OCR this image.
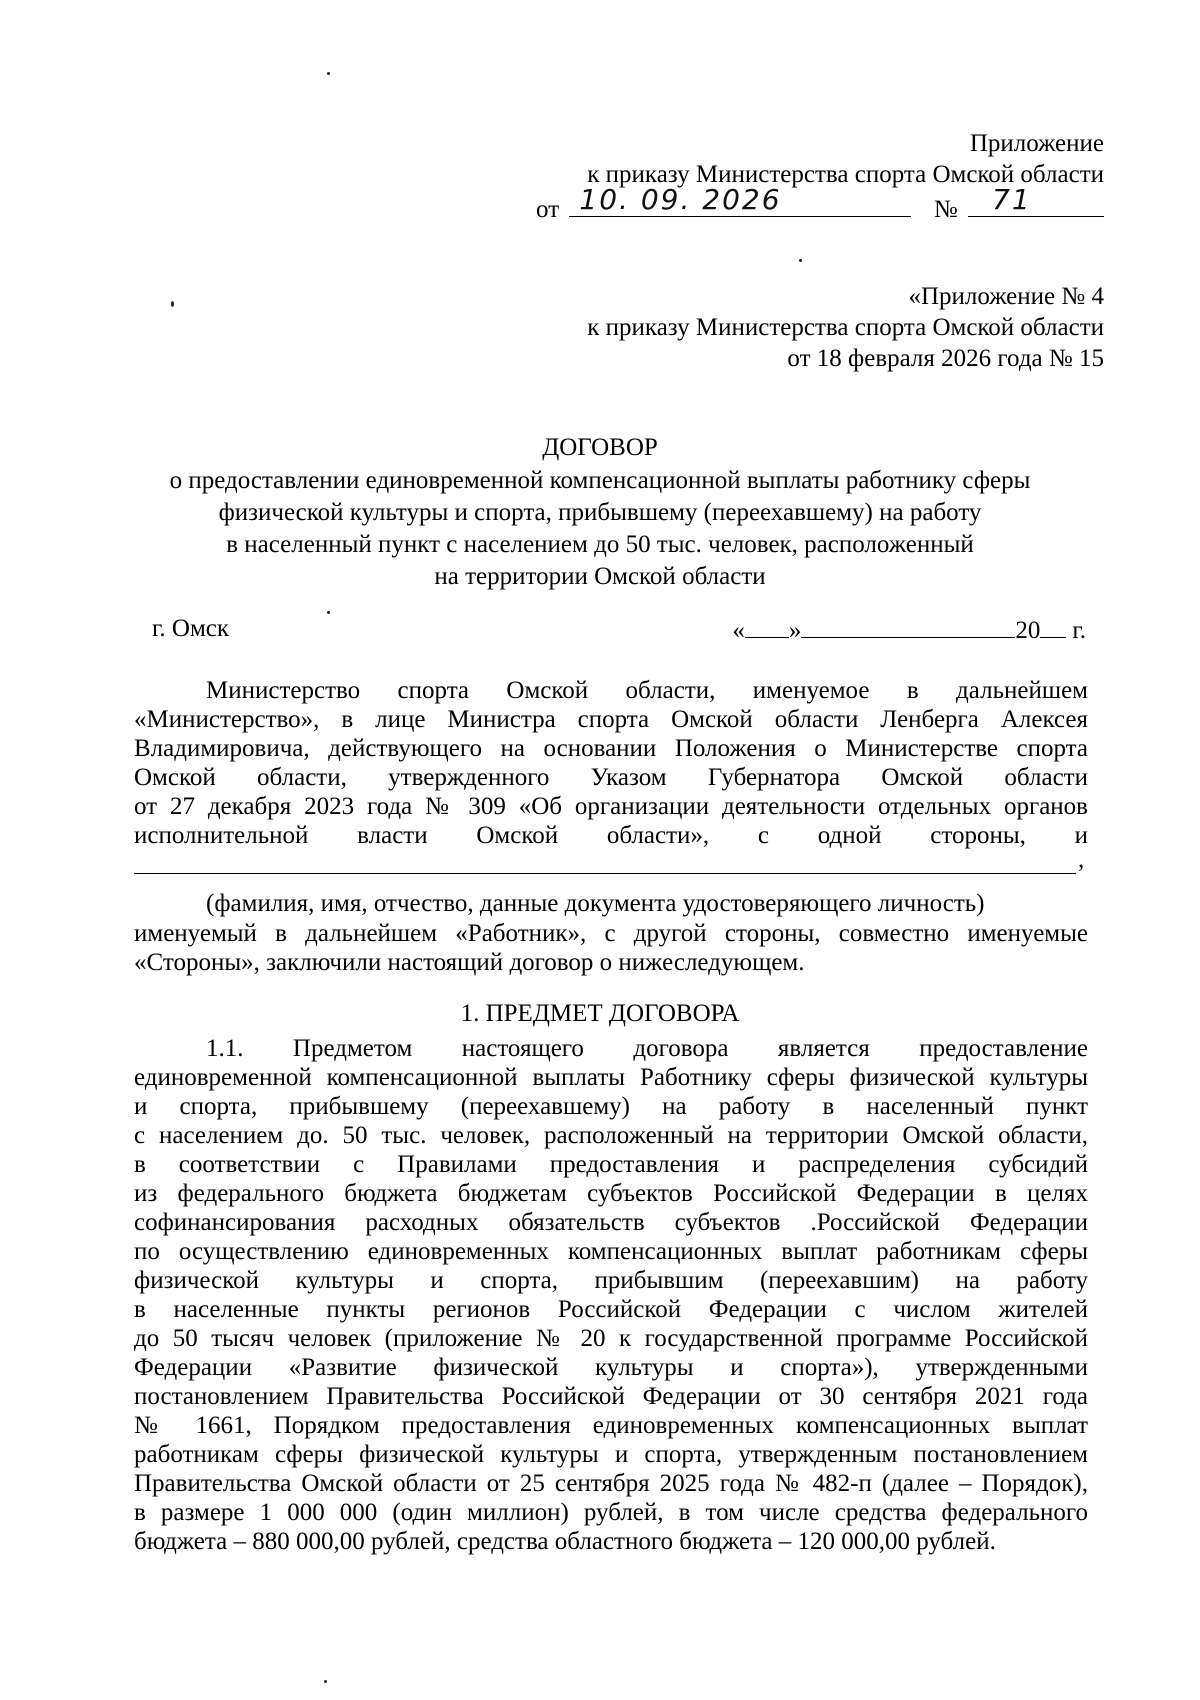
Приложение
к приказу Министерства спорта Омской области
от 10. 09. 2026	№ 71
«Приложение № 4
к приказу Министерства спорта Омской области
от 18 февраля 2026 года № 15
ДОГОВОР
о предоставлении единовременной компенсационной выплаты работнику сферы
физической культуры и спорта, прибывшему (переехавшему) на работу
в населенный пункт с населением до 50 тыс. человек, расположенный
на территории Омской области
г. Омск	« »	20 г.
Министерство спорта Омской области, именуемое в дальнейшем
«Министерство», в лице Министра спорта Омской области Ленберга Алексея
Владимировича, действующего на основании Положения о Министерстве спорта
Омской области, утвержденного Указом Губернатора Омской области
от 27 декабря 2023 года № 309 «Об организации деятельности отдельных органов
исполнительной власти Омской области», с одной стороны, и
,
(фамилия, имя, отчество, данные документа удостоверяющего личность)
именуемый в дальнейшем «Работник», с другой стороны, совместно именуемые
«Стороны», заключили настоящий договор о нижеследующем.
1. ПРЕДМЕТ ДОГОВОРА
1.1. Предметом настоящего договора является предоставление
единовременной компенсационной выплаты Работнику сферы физической культуры
и спорта, прибывшему (переехавшему) на работу в населенный пункт
с населением до. 50 тыс. человек, расположенный на территории Омской области,
в соответствии с Правилами предоставления и распределения субсидий
из федерального бюджета бюджетам субъектов Российской Федерации в целях
софинансирования расходных обязательств субъектов .Российской Федерации
по осуществлению единовременных компенсационных выплат работникам сферы
физической культуры и спорта, прибывшим (переехавшим) на работу
в населенные пункты регионов Российской Федерации с числом жителей
до 50 тысяч человек (приложение № 20 к государственной программе Российской
Федерации «Развитие физической культуры и спорта»), утвержденными
постановлением Правительства Российской Федерации от 30 сентября 2021 года
№ 1661, Порядком предоставления единовременных компенсационных выплат
работникам сферы физической культуры и спорта, утвержденным постановлением
Правительства Омской области от 25 сентября 2025 года № 482-п (далее – Порядок),
в размере 1 000 000 (один миллион) рублей, в том числе средства федерального
бюджета – 880 000,00 рублей, средства областного бюджета – 120 000,00 рублей.
